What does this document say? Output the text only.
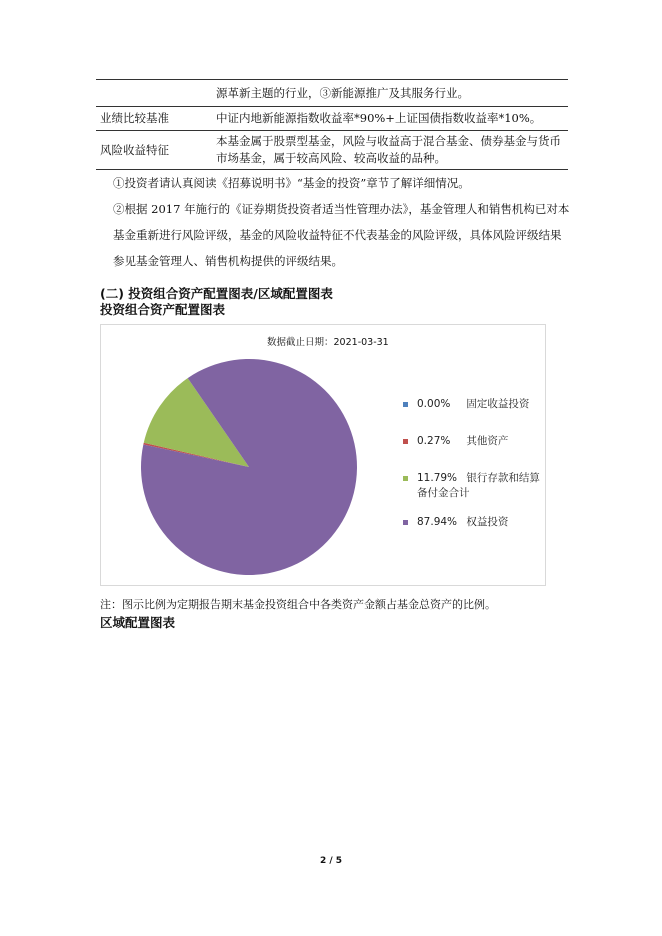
	源革新主题的行业，③新能源推广及其服务行业。
业绩比较基准	中证内地新能源指数收益率*90%+上证国债指数收益率*10%。
风险收益特征	本基金属于股票型基金，风险与收益高于混合基金、债券基金与货币市场基金，属于较高风险、较高收益的品种。

①投资者请认真阅读《招募说明书》“基金的投资”章节了解详细情况。

②根据 2017 年施行的《证券期货投资者适当性管理办法》，基金管理人和销售机构已对本基金重新进行风险评级，基金的风险收益特征不代表基金的风险评级，具体风险评级结果参见基金管理人、销售机构提供的评级结果。

(二) 投资组合资产配置图表/区域配置图表
投资组合资产配置图表
数据截止日期：2021-03-31
0.00% 固定收益投资
0.27% 其他资产
11.79% 银行存款和结算备付金合计
87.94% 权益投资
注：图示比例为定期报告期末基金投资组合中各类资产金额占基金总资产的比例。
区域配置图表
2 / 5
